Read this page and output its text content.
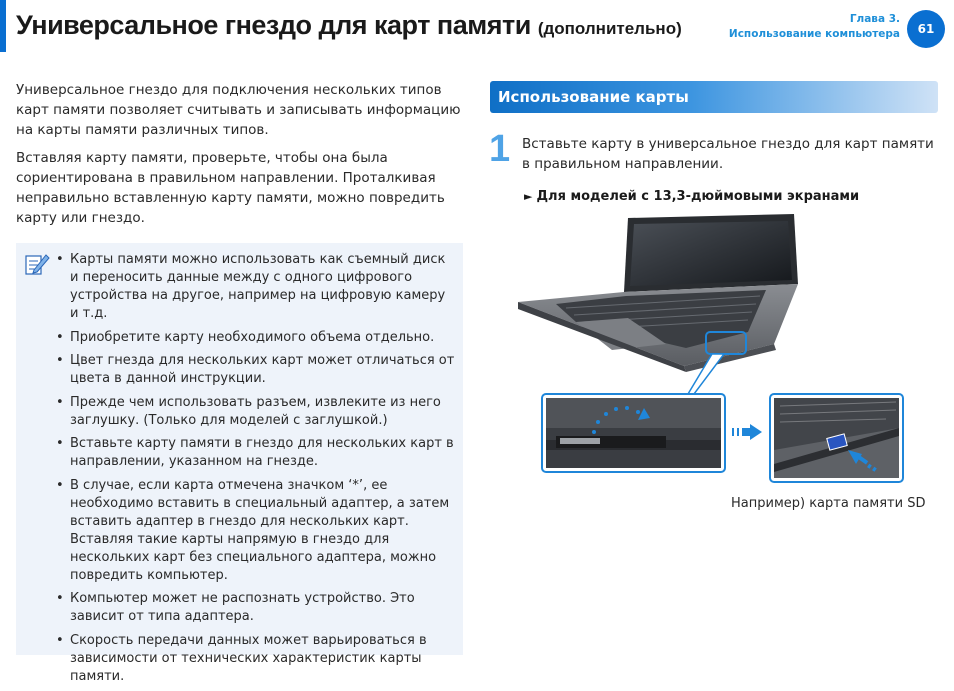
Универсальное гнездо для карт памяти (дополнительно)	Глава 3.
Использование компьютера	61

Универсальное гнездо для подключения нескольких типов карт памяти позволяет считывать и записывать информацию на карты памяти различных типов.

Вставляя карту памяти, проверьте, чтобы она была сориентирована в правильном направлении. Проталкивая неправильно вставленную карту памяти, можно повредить карту или гнездо.

• Карты памяти можно использовать как съемный диск и переносить данные между с одного цифрового устройства на другое, например на цифровую камеру и т.д.
• Приобретите карту необходимого объема отдельно.
• Цвет гнезда для нескольких карт может отличаться от цвета в данной инструкции.
• Прежде чем использовать разъем, извлеките из него заглушку. (Только для моделей с заглушкой.)
• Вставьте карту памяти в гнездо для нескольких карт в направлении, указанном на гнезде.
• В случае, если карта отмечена значком ‘*’, ее необходимо вставить в специальный адаптер, а затем вставить адаптер в гнездо для нескольких карт. Вставляя такие карты напрямую в гнездо для нескольких карт без специального адаптера, можно повредить компьютер.
• Компьютер может не распознать устройство. Это зависит от типа адаптера.
• Скорость передачи данных может варьироваться в зависимости от технических характеристик карты памяти.
Использование карты
1 Вставьте карту в универсальное гнездо для карт памяти в правильном направлении.
► Для моделей с 13,3-дюймовыми экранами
Например) карта памяти SD
